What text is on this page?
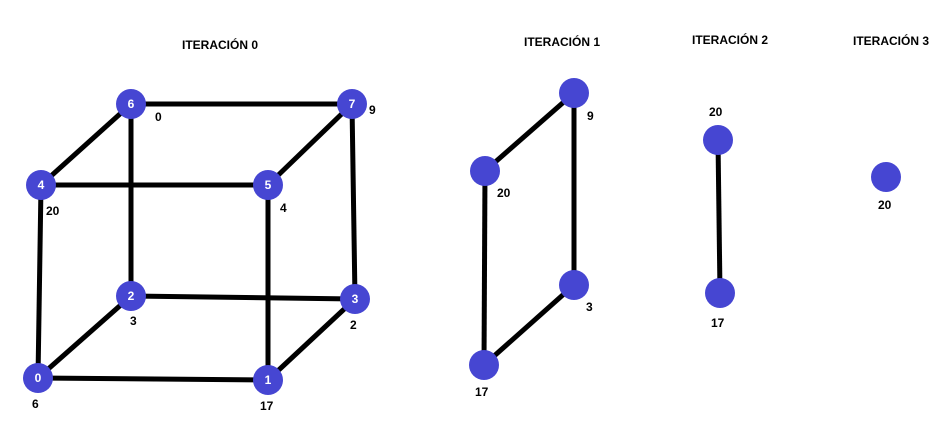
ITERACIÓN 0	ITERACIÓN 1	ITERACIÓN 2	ITERACIÓN 3
0	1
2	3
4	5
6	7
6	17
3	2
20	4
0	9	9
20
3
17
20
17
20
